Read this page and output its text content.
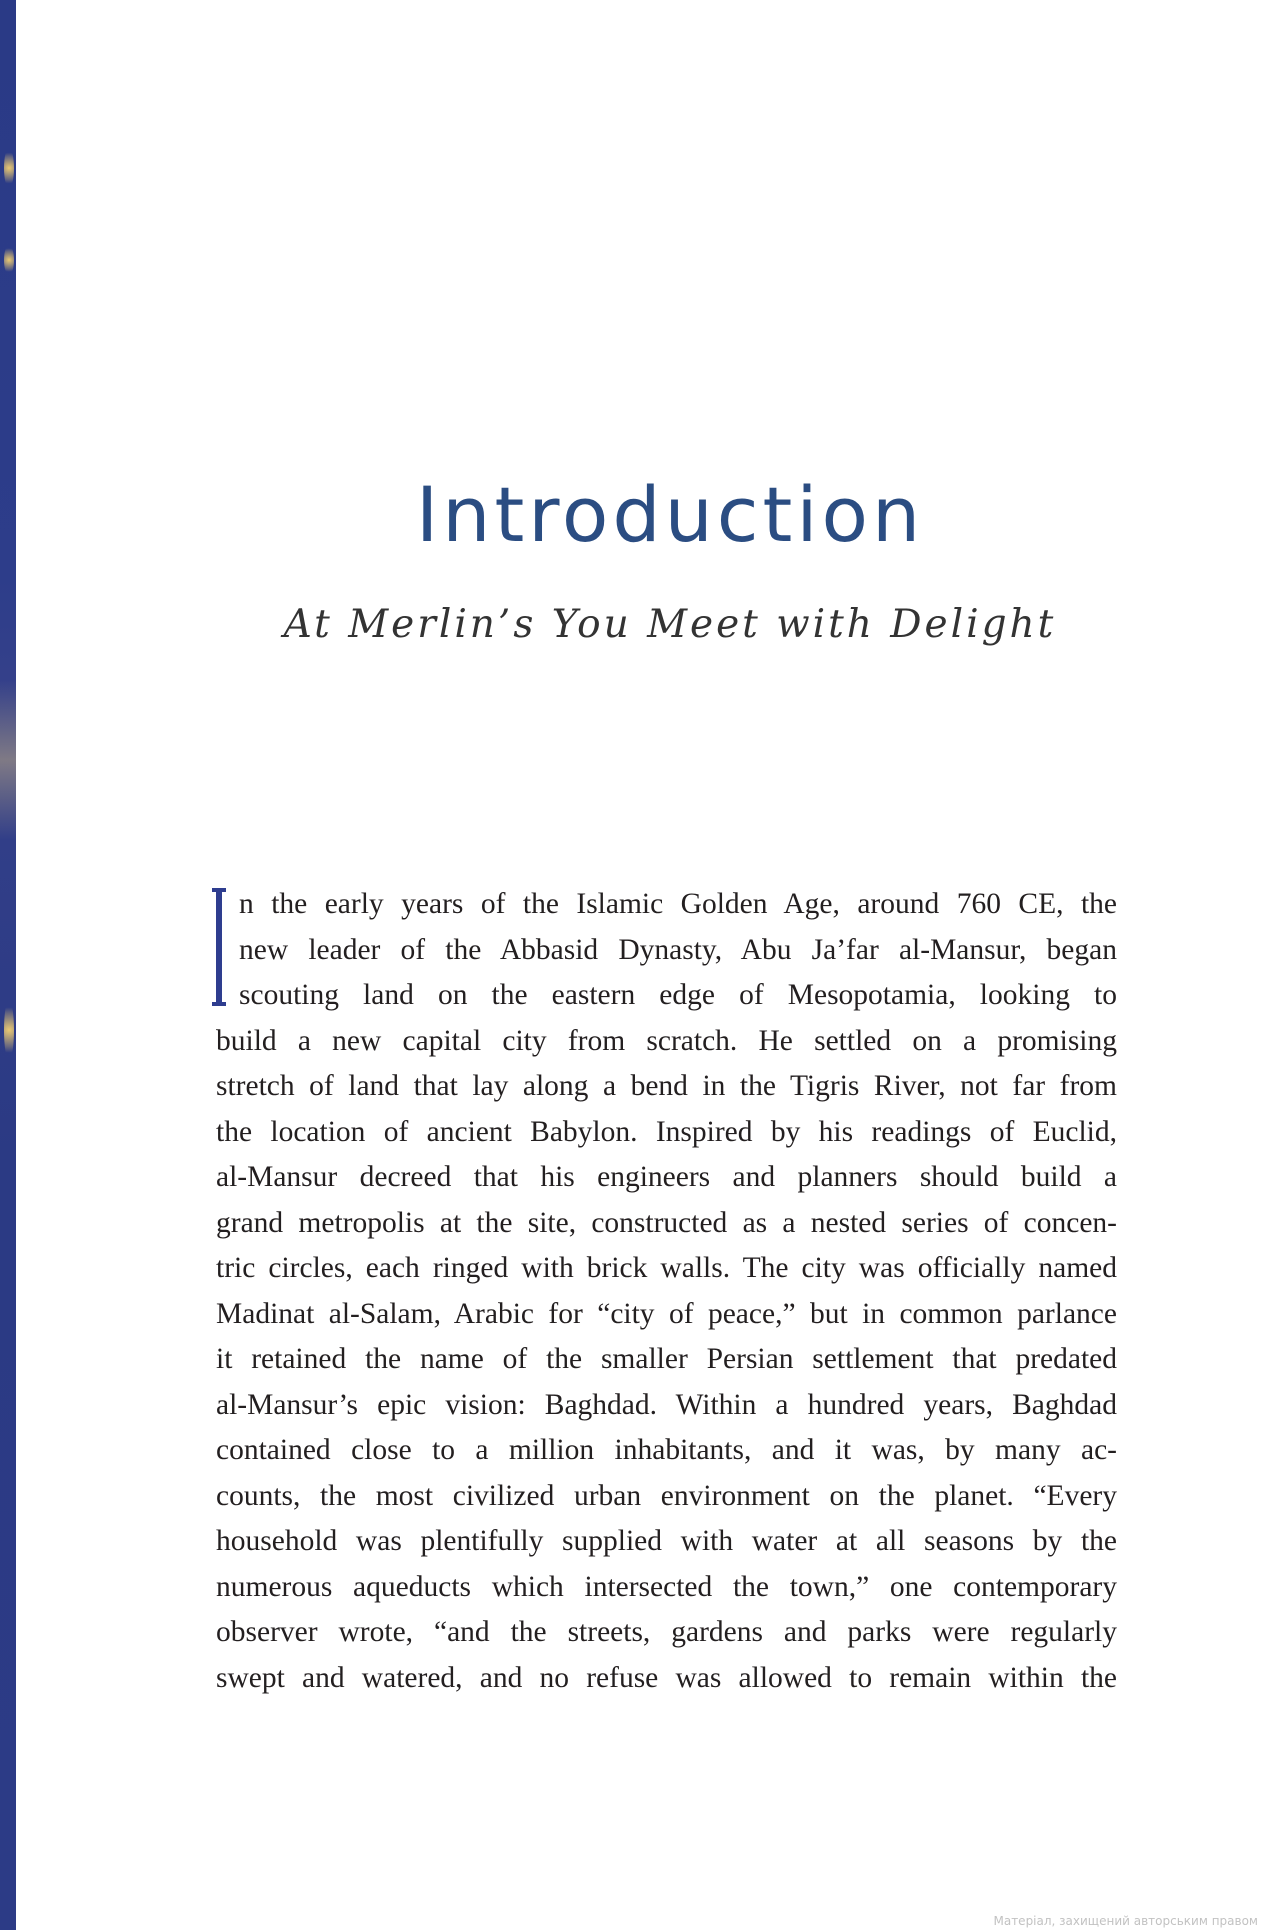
Introduction
At Merlin’s You Meet with Delight
n the early years of the Islamic Golden Age, around 760 CE, the
new leader of the Abbasid Dynasty, Abu Ja’far al-Mansur, began
scouting land on the eastern edge of Mesopotamia, looking to
build a new capital city from scratch. He settled on a promising
stretch of land that lay along a bend in the Tigris River, not far from
the location of ancient Babylon. Inspired by his readings of Euclid,
al-Mansur decreed that his engineers and planners should build a
grand metropolis at the site, constructed as a nested series of concen-
tric circles, each ringed with brick walls. The city was officially named
Madinat al-Salam, Arabic for “city of peace,” but in common parlance
it retained the name of the smaller Persian settlement that predated
al-Mansur’s epic vision: Baghdad. Within a hundred years, Baghdad
contained close to a million inhabitants, and it was, by many ac-
counts, the most civilized urban environment on the planet. “Every
household was plentifully supplied with water at all seasons by the
numerous aqueducts which intersected the town,” one contemporary
observer wrote, “and the streets, gardens and parks were regularly
swept and watered, and no refuse was allowed to remain within the
Матеріал, захищений авторським правом
